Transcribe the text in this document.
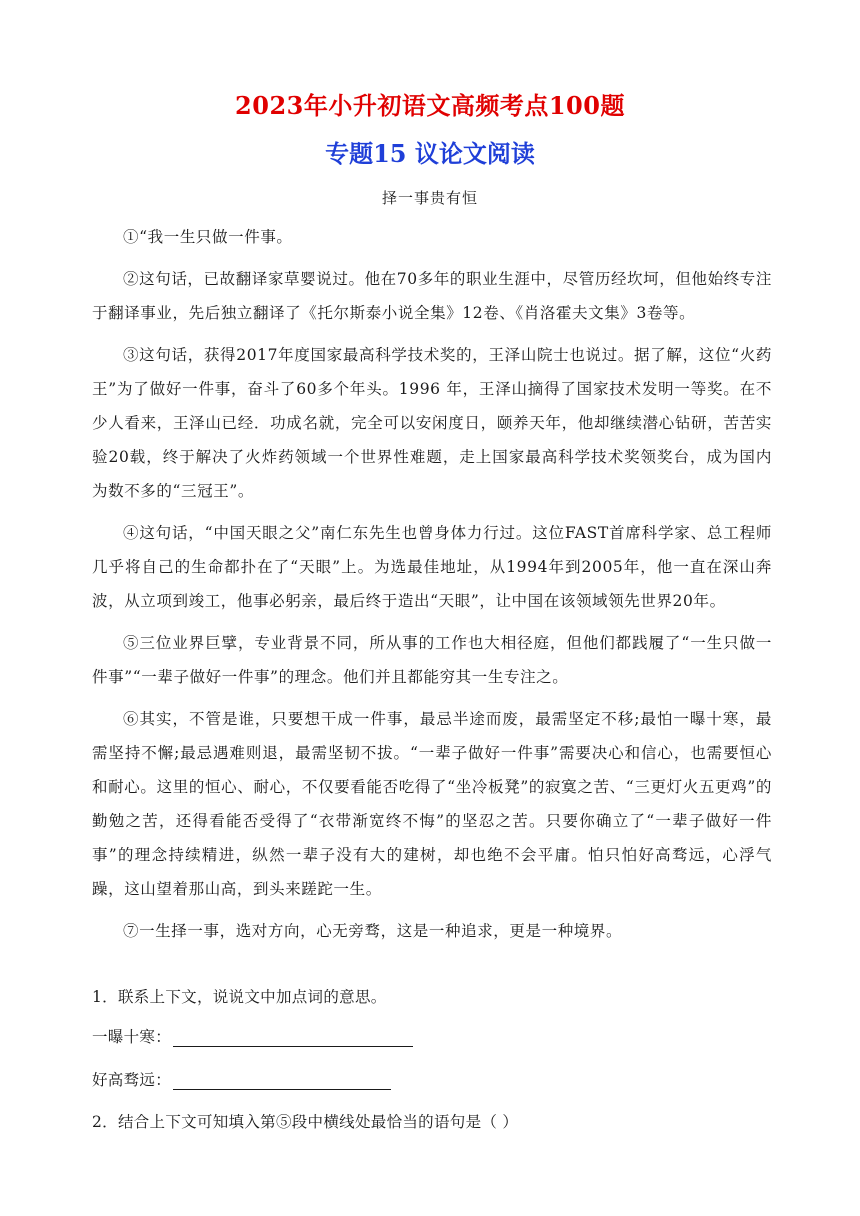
2023年小升初语文高频考点100题
专题15 议论文阅读
择一事贵有恒

①“我一生只做一件事。

②这句话，已故翻译家草婴说过。他在70多年的职业生涯中，尽管历经坎坷，但他始终专注于翻译事业，先后独立翻译了《托尔斯泰小说全集》12卷、《肖洛霍夫文集》3卷等。

③这句话，获得2017年度国家最高科学技术奖的，王泽山院士也说过。据了解，这位“火药王”为了做好一件事，奋斗了60多个年头。1996 年，王泽山摘得了国家技术发明一等奖。在不少人看来，王泽山已经．功成名就，完全可以安闲度日，颐养天年，他却继续潜心钻研，苦苦实验20载，终于解决了火炸药领域一个世界性难题，走上国家最高科学技术奖领奖台，成为国内为数不多的“三冠王”。

④这句话，“中国天眼之父”南仁东先生也曾身体力行过。这位FAST首席科学家、总工程师几乎将自己的生命都扑在了“天眼”上。为选最佳地址，从1994年到2005年，他一直在深山奔波，从立项到竣工，他事必躬亲，最后终于造出“天眼”，让中国在该领域领先世界20年。

⑤三位业界巨擘，专业背景不同，所从事的工作也大相径庭，但他们都践履了“一生只做一件事”“一辈子做好一件事”的理念。他们并且都能穷其一生专注之。

⑥其实，不管是谁，只要想干成一件事，最忌半途而废，最需坚定不移;最怕一曝十寒，最需坚持不懈;最忌遇难则退，最需坚韧不拔。“一辈子做好一件事”需要决心和信心，也需要恒心和耐心。这里的恒心、耐心，不仅要看能否吃得了“坐冷板凳”的寂寞之苦、“三更灯火五更鸡”的勤勉之苦，还得看能否受得了“衣带渐宽终不悔”的坚忍之苦。只要你确立了“一辈子做好一件事”的理念持续精进，纵然一辈子没有大的建树，却也绝不会平庸。怕只怕好高骛远，心浮气躁，这山望着那山高，到头来蹉跎一生。

⑦一生择一事，选对方向，心无旁骛，这是一种追求，更是一种境界。

1．联系上下文，说说文中加点词的意思。
一曝十寒：
好高骛远：
2．结合上下文可知填入第⑤段中横线处最恰当的语句是（ ）
